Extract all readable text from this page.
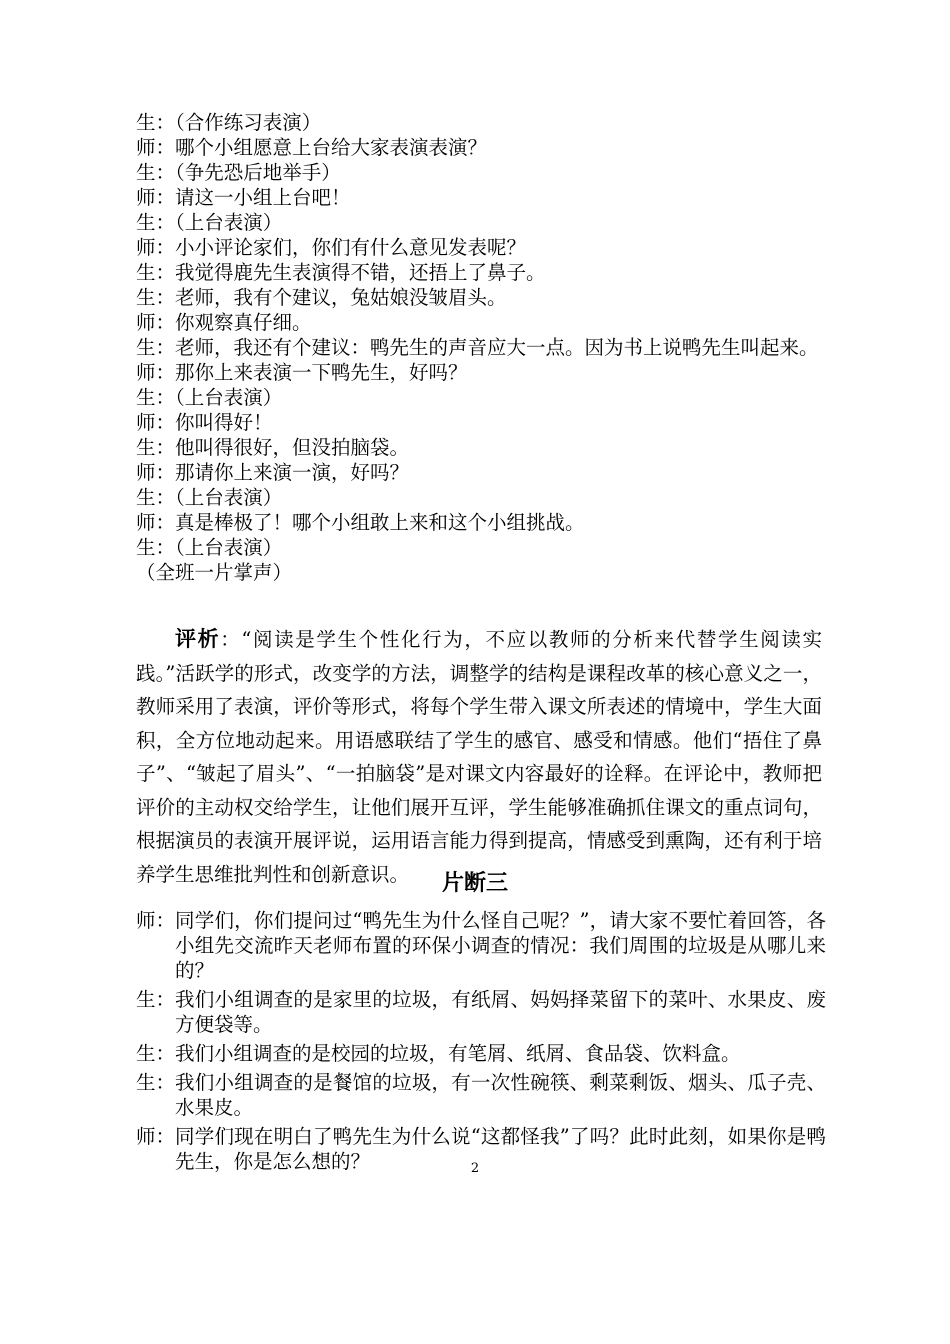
生：（合作练习表演）

师：哪个小组愿意上台给大家表演表演？

生：（争先恐后地举手）

师：请这一小组上台吧！

生：（上台表演）

师：小小评论家们，你们有什么意见发表呢？

生：我觉得鹿先生表演得不错，还捂上了鼻子。

生：老师，我有个建议，兔姑娘没皱眉头。

师：你观察真仔细。

生：老师，我还有个建议：鸭先生的声音应大一点。因为书上说鸭先生叫起来。

师：那你上来表演一下鸭先生，好吗？

生：（上台表演）

师：你叫得好！

生：他叫得很好，但没拍脑袋。

师：那请你上来演一演，好吗？

生：（上台表演）

师：真是棒极了！哪个小组敢上来和这个小组挑战。

生：（上台表演）

（全班一片掌声）

评析：“阅读是学生个性化行为，不应以教师的分析来代替学生阅读实践。”活跃学的形式，改变学的方法，调整学的结构是课程改革的核心意义之一，教师采用了表演，评价等形式，将每个学生带入课文所表述的情境中，学生大面积，全方位地动起来。用语感联结了学生的感官、感受和情感。他们“捂住了鼻子”、“皱起了眉头”、“一拍脑袋”是对课文内容最好的诠释。在评论中，教师把评价的主动权交给学生，让他们展开互评，学生能够准确抓住课文的重点词句，根据演员的表演开展评说，运用语言能力得到提高，情感受到熏陶，还有利于培养学生思维批判性和创新意识。	片断三
师： 同学们，你们提问过“鸭先生为什么怪自己呢？”，请大家不要忙着回答，各小组先交流昨天老师布置的环保小调查的情况：我们周围的垃圾是从哪儿来的？
生： 我们小组调查的是家里的垃圾，有纸屑、妈妈择菜留下的菜叶、水果皮、废方便袋等。
生： 我们小组调查的是校园的垃圾，有笔屑、纸屑、食品袋、饮料盒。
生： 我们小组调查的是餐馆的垃圾，有一次性碗筷、剩菜剩饭、烟头、瓜子壳、水果皮。
师： 同学们现在明白了鸭先生为什么说“这都怪我”了吗？此时此刻，如果你是鸭先生，你是怎么想的？	2
